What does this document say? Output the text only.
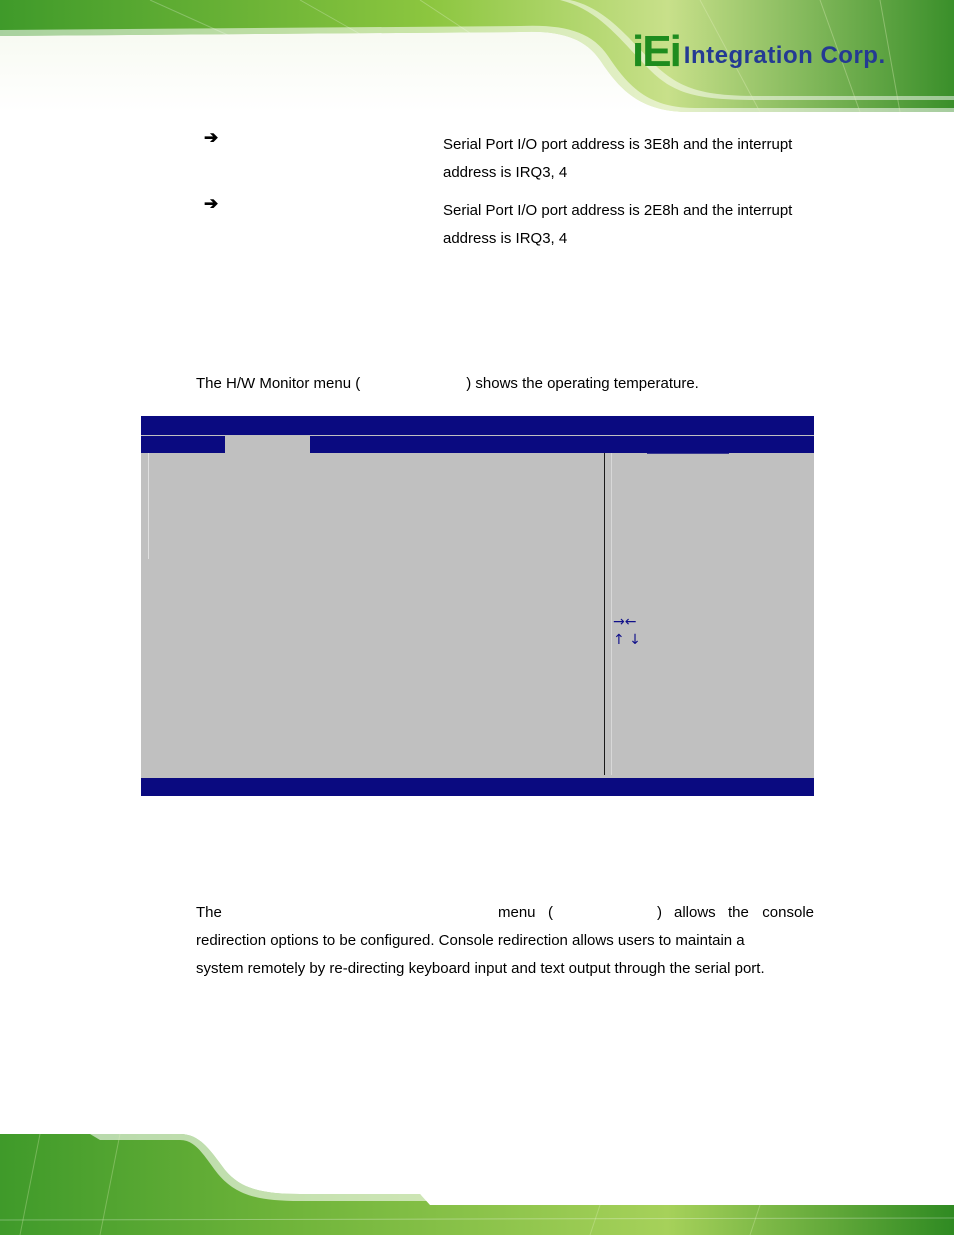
iEi Integration Corp.
➔	Serial Port I/O port address is 3E8h and the interrupt
address is IRQ3, 4
➔	Serial Port I/O port address is 2E8h and the interrupt
address is IRQ3, 4
The H/W Monitor menu (	) shows the operating temperature.
→←
↑ ↓
The	menu (	) allows the console
redirection options to be configured. Console redirection allows users to maintain a
system remotely by re-directing keyboard input and text output through the serial port.
